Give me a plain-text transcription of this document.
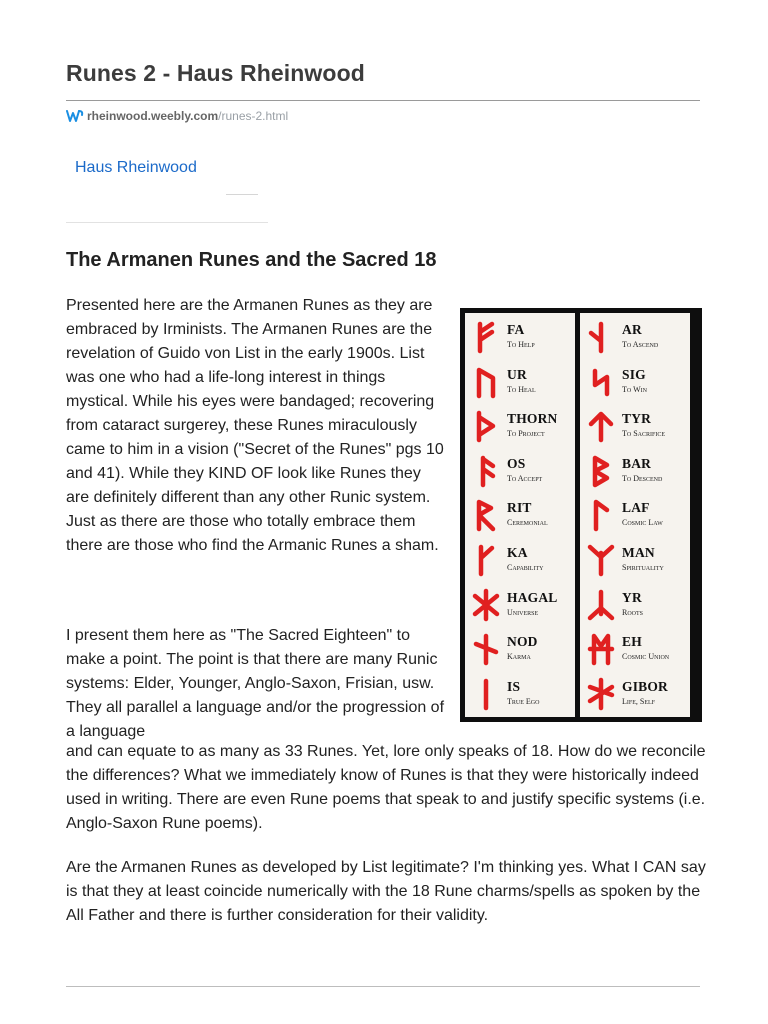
Runes 2 - Haus Rheinwood
rheinwood.weebly.com /runes-2.html
Haus Rheinwood
The Armanen Runes and the Sacred 18

Presented here are the Armanen Runes as they are embraced by Irminists. The Armanen Runes are the revelation of Guido von List in the early 1900s. List was one who had a life-long interest in things mystical. While his eyes were bandaged; recovering from cataract surgerey, these Runes miraculously came to him in a vision ("Secret of the Runes" pgs 10 and 41). While they KIND OF look like Runes they are definitely different than any other Runic system. Just as there are those who totally embrace them there are those who find the Armanic Runes a sham.

FA
To Help
UR
To Heal
THORN
To Project
OS
To Accept
RIT
Ceremonial
KA
Capability
HAGAL
Universe
NOD
Karma
IS
True Ego
AR
To Ascend
SIG
To Win
TYR
To Sacrifice
BAR
To Descend
LAF
Cosmic Law
MAN
Spirituality
YR
Roots
EH
Cosmic Union
GIBOR
Life, Self

I present them here as "The Sacred Eighteen" to make a point. The point is that there are many Runic systems: Elder, Younger, Anglo-Saxon, Frisian, usw. They all parallel a language and/or the progression of a language

and can equate to as many as 33 Runes. Yet, lore only speaks of 18. How do we reconcile the differences? What we immediately know of Runes is that they were historically indeed used in writing. There are even Rune poems that speak to and justify specific systems (i.e. Anglo-Saxon Rune poems).

Are the Armanen Runes as developed by List legitimate? I'm thinking yes. What I CAN say is that they at least coincide numerically with the 18 Rune charms/spells as spoken by the All Father and there is further consideration for their validity.
